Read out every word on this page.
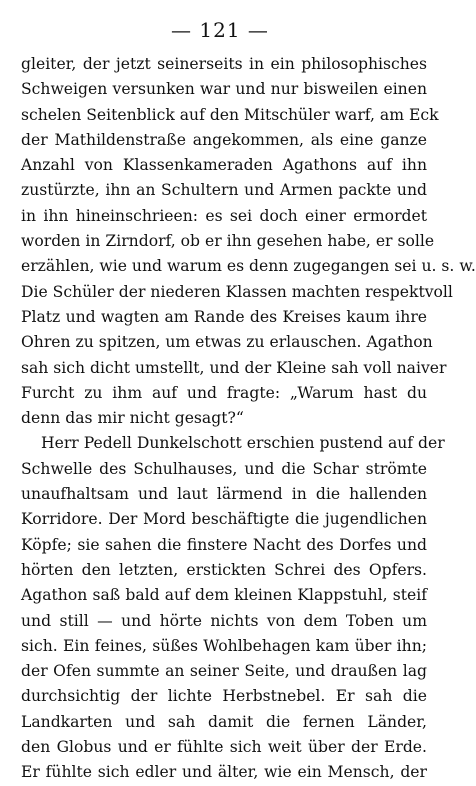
— 121 —
gleiter, der jetzt seinerseits in ein philosophisches
Schweigen versunken war und nur bisweilen einen
schelen Seitenblick auf den Mitschüler warf, am Eck
der Mathildenstraße angekommen, als eine ganze
Anzahl von Klassenkameraden Agathons auf ihn
zustürzte, ihn an Schultern und Armen packte und
in ihn hineinschrieen: es sei doch einer ermordet
worden in Zirndorf, ob er ihn gesehen habe, er solle
erzählen, wie und warum es denn zugegangen sei u. s. w.
Die Schüler der niederen Klassen machten respektvoll
Platz und wagten am Rande des Kreises kaum ihre
Ohren zu spitzen, um etwas zu erlauschen. Agathon
sah sich dicht umstellt, und der Kleine sah voll naiver
Furcht zu ihm auf und fragte: „Warum hast du
denn das mir nicht gesagt?“
Herr Pedell Dunkelschott erschien pustend auf der
Schwelle des Schulhauses, und die Schar strömte
unaufhaltsam und laut lärmend in die hallenden
Korridore. Der Mord beschäftigte die jugendlichen
Köpfe; sie sahen die finstere Nacht des Dorfes und
hörten den letzten, erstickten Schrei des Opfers.
Agathon saß bald auf dem kleinen Klappstuhl, steif
und still — und hörte nichts von dem Toben um
sich. Ein feines, süßes Wohlbehagen kam über ihn;
der Ofen summte an seiner Seite, und draußen lag
durchsichtig der lichte Herbstnebel. Er sah die
Landkarten und sah damit die fernen Länder,
den Globus und er fühlte sich weit über der Erde.
Er fühlte sich edler und älter, wie ein Mensch, der
